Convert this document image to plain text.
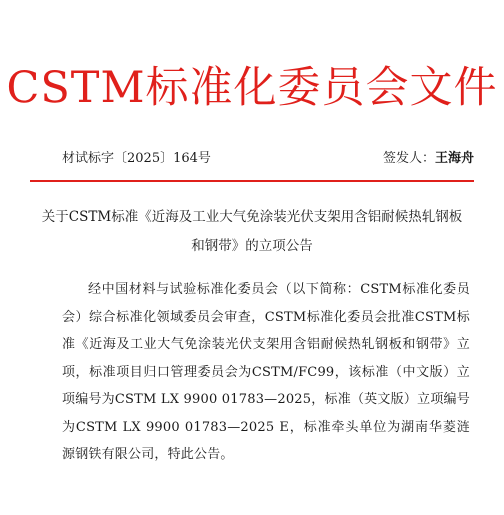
CSTM标准化委员会文件
材试标字〔2025〕164号	签发人：王海舟
关于CSTM标准《近海及工业大气免涂装光伏支架用含铝耐候热轧钢板和钢带》的立项公告
经中国材料与试验标准化委员会（以下简称：CSTM标准化委员会）综合标准化领域委员会审查，CSTM标准化委员会批准CSTM标准《近海及工业大气免涂装光伏支架用含铝耐候热轧钢板和钢带》立项，标准项目归口管理委员会为CSTM/FC99，该标准（中文版）立项编号为CSTM LX 9900 01783—2025，标准（英文版）立项编号为CSTM LX 9900 01783—2025 E，标准牵头单位为湖南华菱涟源钢铁有限公司，特此公告。
